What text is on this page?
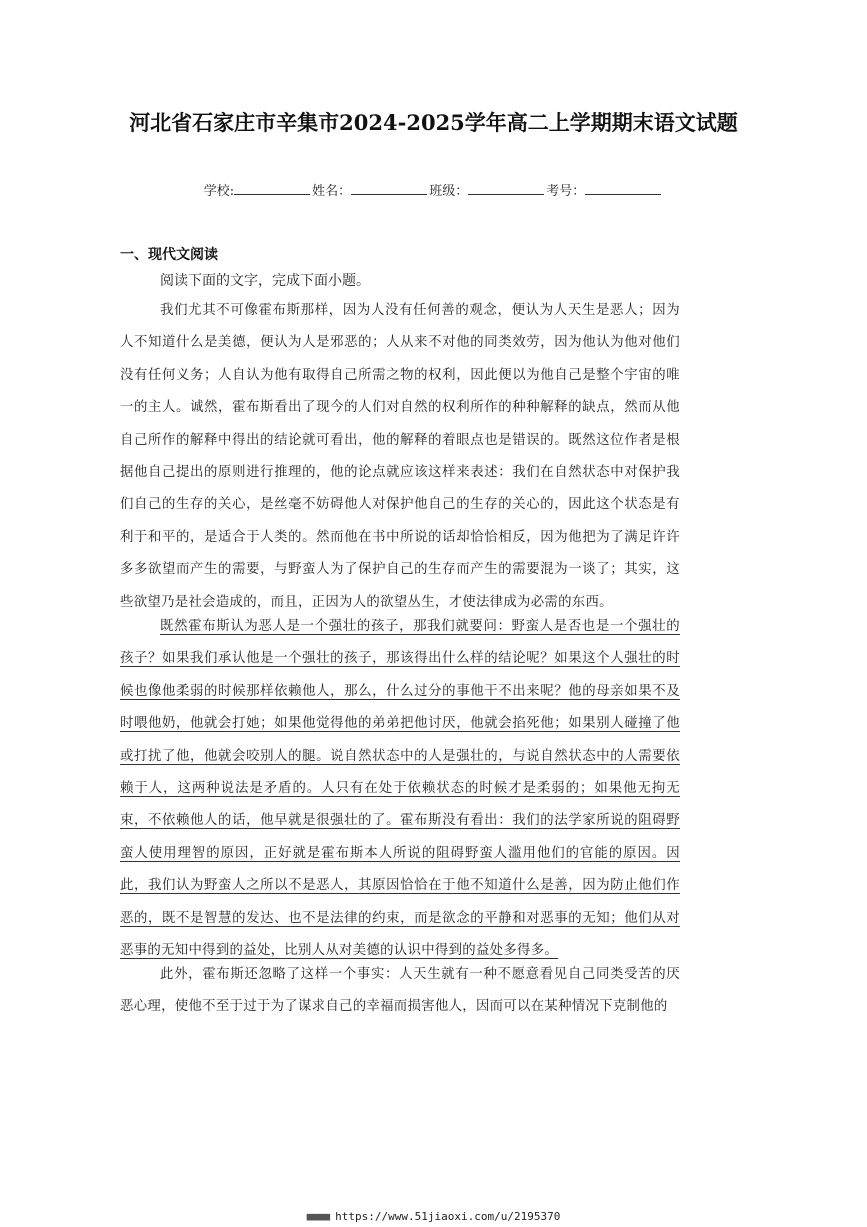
河北省石家庄市辛集市2024-2025学年高二上学期期末语文试题
学校:	姓名：	班级：	考号：
一、现代文阅读

阅读下面的文字，完成下面小题。

我们尤其不可像霍布斯那样，因为人没有任何善的观念，便认为人天生是恶人；因为人不知道什么是美德，便认为人是邪恶的；人从来不对他的同类效劳，因为他认为他对他们没有任何义务；人自认为他有取得自己所需之物的权利，因此便以为他自己是整个宇宙的唯一的主人。诚然，霍布斯看出了现今的人们对自然的权利所作的种种解释的缺点，然而从他自己所作的解释中得出的结论就可看出，他的解释的着眼点也是错误的。既然这位作者是根据他自己提出的原则进行推理的，他的论点就应该这样来表述：我们在自然状态中对保护我们自己的生存的关心，是丝毫不妨碍他人对保护他自己的生存的关心的，因此这个状态是有利于和平的，是适合于人类的。然而他在书中所说的话却恰恰相反，因为他把为了满足许许多多欲望而产生的需要，与野蛮人为了保护自己的生存而产生的需要混为一谈了；其实，这些欲望乃是社会造成的，而且，正因为人的欲望丛生，才使法律成为必需的东西。

既然霍布斯认为恶人是一个强壮的孩子，那我们就要问：野蛮人是否也是一个强壮的孩子？如果我们承认他是一个强壮的孩子，那该得出什么样的结论呢？如果这个人强壮的时候也像他柔弱的时候那样依赖他人，那么，什么过分的事他干不出来呢？他的母亲如果不及时喂他奶，他就会打她；如果他觉得他的弟弟把他讨厌，他就会掐死他；如果别人碰撞了他或打扰了他，他就会咬别人的腿。说自然状态中的人是强壮的，与说自然状态中的人需要依赖于人，这两种说法是矛盾的。人只有在处于依赖状态的时候才是柔弱的；如果他无拘无束，不依赖他人的话，他早就是很强壮的了。霍布斯没有看出：我们的法学家所说的阻碍野蛮人使用理智的原因，正好就是霍布斯本人所说的阻碍野蛮人滥用他们的官能的原因。因此，我们认为野蛮人之所以不是恶人，其原因恰恰在于他不知道什么是善，因为防止他们作恶的，既不是智慧的发达、也不是法律的约束，而是欲念的平静和对恶事的无知；他们从对恶事的无知中得到的益处，比别人从对美德的认识中得到的益处多得多。

此外，霍布斯还忽略了这样一个事实：人天生就有一种不愿意看见自己同类受苦的厌恶心理，使他不至于过于为了谋求自己的幸福而损害他人，因而可以在某种情况下克制他的

■■■■ https://www.51jiaoxi.com/u/2195370
